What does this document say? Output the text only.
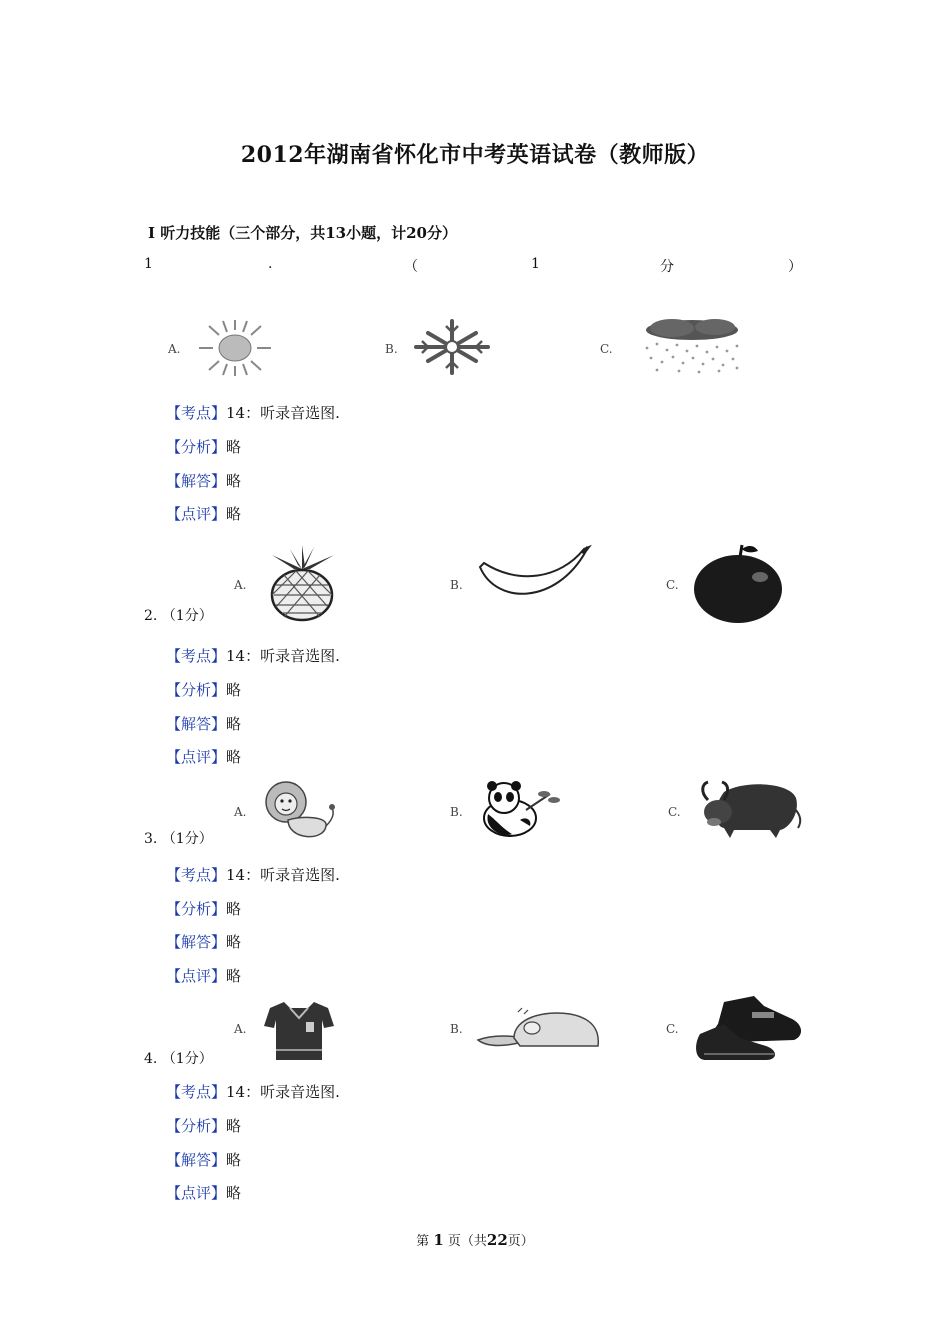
2012年湖南省怀化市中考英语试卷（教师版）
Ⅰ 听力技能（三个部分，共13小题，计20分）
1	.	（	1	分	）
A.	B.	C.
【考点】14：听录音选图.
【分析】略
【解答】略
【点评】略
A.	B.	C.
2. （1分）
【考点】14：听录音选图.
【分析】略
【解答】略
【点评】略
A.	B.	C.
3. （1分）
【考点】14：听录音选图.
【分析】略
【解答】略
【点评】略
A.	B.	C.
4. （1分）
【考点】14：听录音选图.
【分析】略
【解答】略
【点评】略
第 1 页（共22页）
